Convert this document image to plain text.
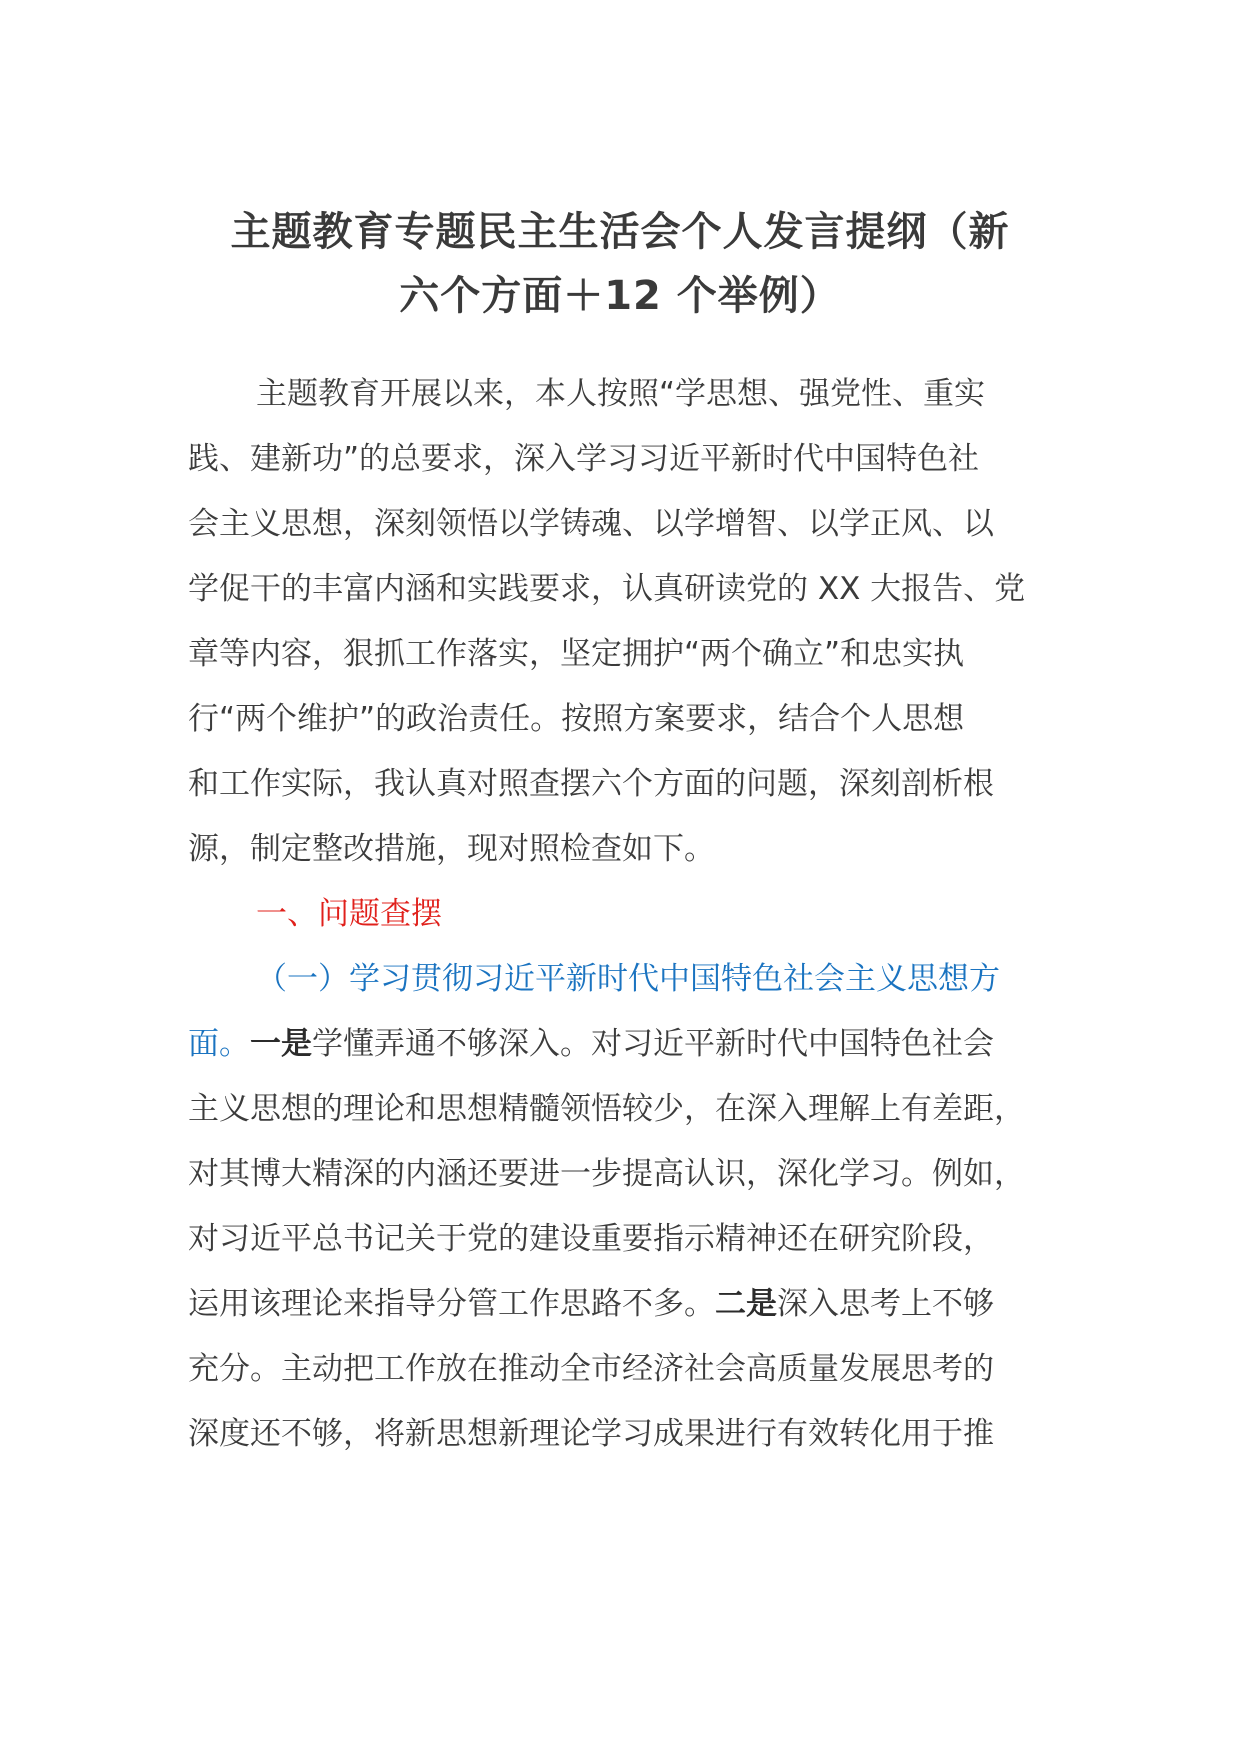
主题教育专题民主生活会个人发言提纲（新
六个方面＋12 个举例）
主题教育开展以来，本人按照“学思想、强党性、重实
践、建新功”的总要求，深入学习习近平新时代中国特色社
会主义思想，深刻领悟以学铸魂、以学增智、以学正风、以
学促干的丰富内涵和实践要求，认真研读党的 XX 大报告、党
章等内容，狠抓工作落实，坚定拥护“两个确立”和忠实执
行“两个维护”的政治责任。按照方案要求，结合个人思想
和工作实际，我认真对照查摆六个方面的问题，深刻剖析根
源，制定整改措施，现对照检查如下。
一、问题查摆
（一）学习贯彻习近平新时代中国特色社会主义思想方
面。一是学懂弄通不够深入。对习近平新时代中国特色社会
主义思想的理论和思想精髓领悟较少，在深入理解上有差距，
对其博大精深的内涵还要进一步提高认识，深化学习。例如，
对习近平总书记关于党的建设重要指示精神还在研究阶段，
运用该理论来指导分管工作思路不多。二是深入思考上不够
充分。主动把工作放在推动全市经济社会高质量发展思考的
深度还不够，将新思想新理论学习成果进行有效转化用于推
